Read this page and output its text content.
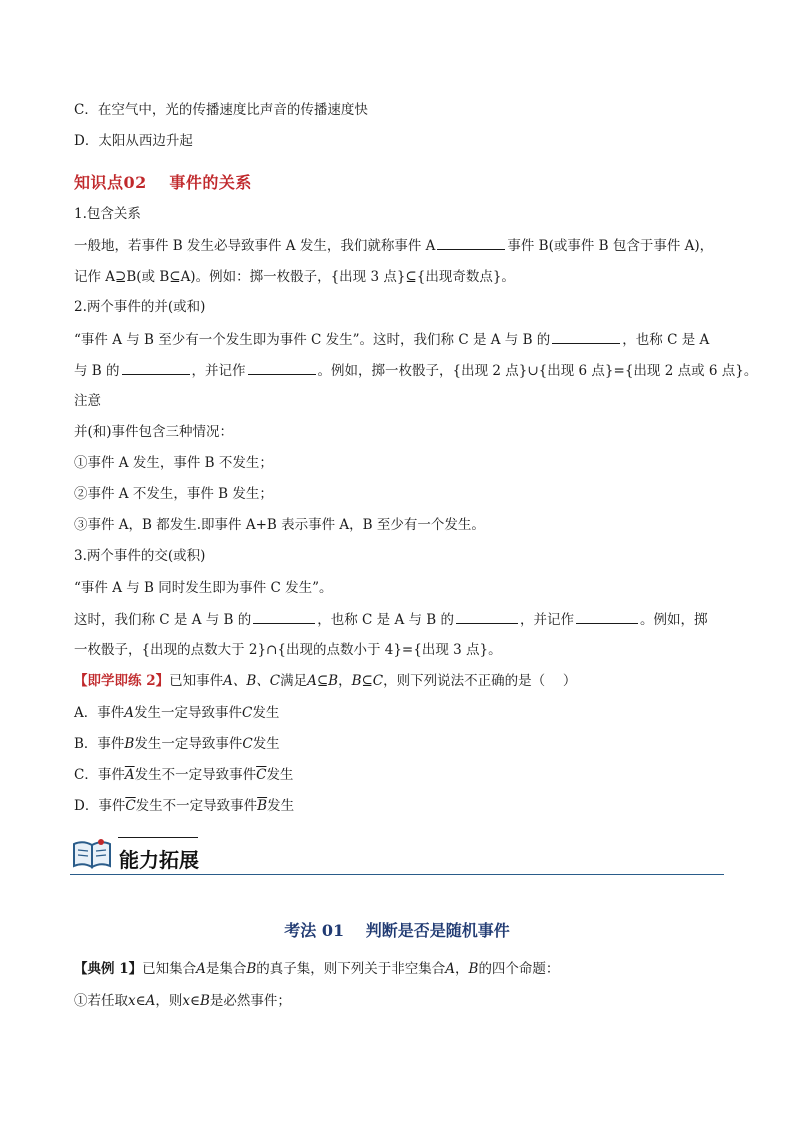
C．在空气中，光的传播速度比声音的传播速度快
D．太阳从西边升起
知识点02　 事件的关系
1.包含关系
一般地，若事件 B 发生必导致事件 A 发生，我们就称事件 A	事件 B(或事件 B 包含于事件 A)，
记作 A⊇B(或 B⊆A)。例如：掷一枚骰子，{出现 3 点}⊆{出现奇数点}。
2.两个事件的并(或和)
“事件 A 与 B 至少有一个发生即为事件 C 发生”。这时，我们称 C 是 A 与 B 的	，也称 C 是 A
与 B 的	，并记作	。例如，掷一枚骰子，{出现 2 点}∪{出现 6 点}={出现 2 点或 6 点}。
注意
并(和)事件包含三种情况：
①事件 A 发生，事件 B 不发生；
②事件 A 不发生，事件 B 发生；
③事件 A，B 都发生.即事件 A+B 表示事件 A，B 至少有一个发生。
3.两个事件的交(或积)
“事件 A 与 B 同时发生即为事件 C 发生”。
这时，我们称 C 是 A 与 B 的	，也称 C 是 A 与 B 的	，并记作	。例如，掷
一枚骰子，{出现的点数大于 2}∩{出现的点数小于 4}={出现 3 点}。
【即学即练 2】已知事件A、B、C满足A⊆B，B⊆C，则下列说法不正确的是（　 ）
A．事件A发生一定导致事件C发生
B．事件B发生一定导致事件C发生
C．事件$\overline{A}$发生不一定导致事件$\overline{C}$发生
D．事件$\overline{C}$发生不一定导致事件$\overline{B}$发生
能力拓展
考法 01　 判断是否是随机事件
【典例 1】已知集合A是集合B的真子集，则下列关于非空集合A，B的四个命题：
①若任取x∈A，则x∈B是必然事件；
